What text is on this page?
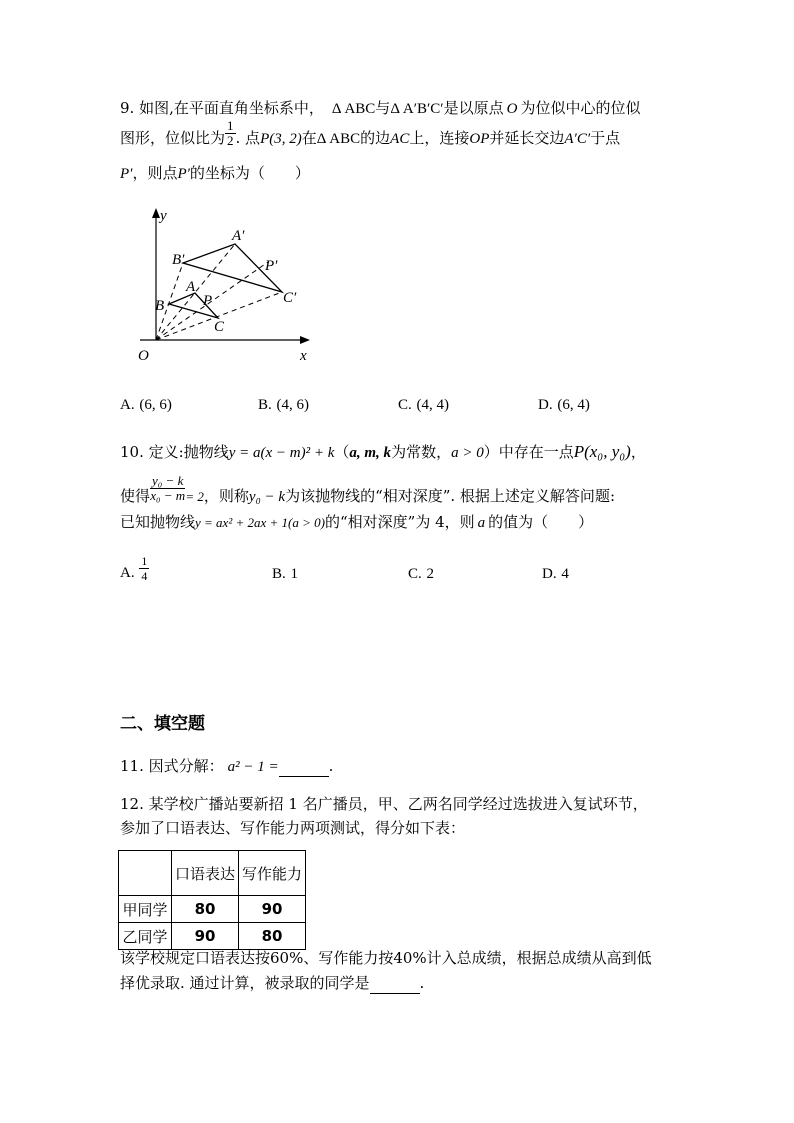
9. 如图,在平面直角坐标系中， Δ ABC与Δ A′B′C′是以原点 O 为位似中心的位似
图形，位似比为 $\frac{1}{2}$ . 点P(3, 2)在Δ ABC的边AC上，连接OP并延长交边A′C′于点
P′，则点P′的坐标为（　　）
y
x
O
A′
B′	P′
C′
A
B	P
C
A. (6, 6)	B. (4, 6)	C. (4, 4)	D. (6, 4)
10. 定义:抛物线y = a(x − m)² + k（a, m, k为常数，a > 0）中存在一点P(x₀, y₀)，
使得 $\frac{\text{y₀ − k}}{\text{x₀ − m}} = 2$，则称y₀ − k为该抛物线的“相对深度”. 根据上述定义解答问题:
已知抛物线y = ax² + 2ax + 1(a > 0)的“相对深度”为 4，则 a 的值为（　　）
A. $\frac{1}{4}$	B. 1	C. 2	D. 4
二、填空题
11. 因式分解： a² − 1 =	.
12. 某学校广播站要新招 1 名广播员，甲、乙两名同学经过选拔进入复试环节，
参加了口语表达、写作能力两项测试，得分如下表：
	口语表达	写作能力
甲同学	80	90
乙同学	90	80
该学校规定口语表达按60%、写作能力按40%计入总成绩，根据总成绩从高到低
择优录取. 通过计算，被录取的同学是	.
